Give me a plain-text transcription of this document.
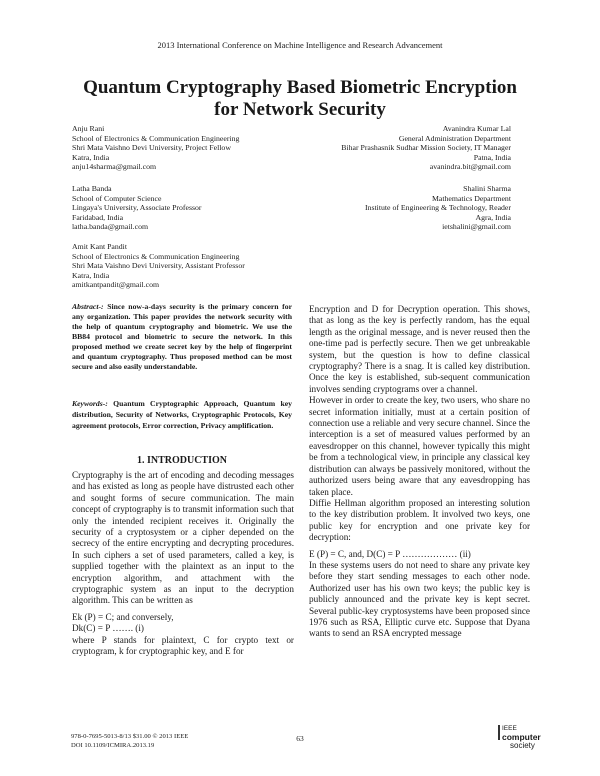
2013 International Conference on Machine Intelligence and Research Advancement
Quantum Cryptography Based Biometric Encryption
for Network Security
Anju Rani
School of Electronics & Communication Engineering
Shri Mata Vaishno Devi University, Project Fellow
Katra, India
anju14sharma@gmail.com
Latha Banda
School of Computer Science
Lingaya's University, Associate Professor
Faridabad, India
latha.banda@gmail.com
Amit Kant Pandit
School of Electronics & Communication Engineering
Shri Mata Vaishno Devi University, Assistant Professor
Katra, India
amitkantpandit@gmail.com
Avanindra Kumar Lal
General Administration Department
Bihar Prashasnik Sudhar Mission Society, IT Manager
Patna, India
avanindra.bit@gmail.com
Shalini Sharma
Mathematics Department
Institute of Engineering & Technology, Reader
Agra, India
ietshalini@gmail.com
Abstract-: Since now-a-days security is the primary concern for any organization. This paper provides the network security with the help of quantum cryptography and biometric. We use the BB84 protocol and biometric to secure the network. In this proposed method we create secret key by the help of fingerprint and quantum cryptography. Thus proposed method can be most secure and also easily understandable.
Keywords-: Quantum Cryptographic Approach, Quantum key distribution, Security of Networks, Cryptographic Protocols, Key agreement protocols, Error correction, Privacy amplification.
1. INTRODUCTION

Cryptography is the art of encoding and decoding messages and has existed as long as people have distrusted each other and sought forms of secure communication. The main concept of cryptography is to transmit information such that only the intended recipient receives it. Originally the security of a cryptosystem or a cipher depended on the secrecy of the entire encrypting and decrypting procedures. In such ciphers a set of used parameters, called a key, is supplied together with the plaintext as an input to the encryption algorithm, and attachment with the cryptographic system as an input to the decryption algorithm. This can be written as

Ek (P) = C; and conversely,

Dk(C) = P ……. (i)

where P stands for plaintext, C for crypto text or cryptogram, k for cryptographic key, and E for

Encryption and D for Decryption operation. This shows, that as long as the key is perfectly random, has the equal length as the original message, and is never reused then the one-time pad is perfectly secure. Then we get unbreakable system, but the question is how to define classical cryptography? There is a snag. It is called key distribution. Once the key is established, sub-sequent communication involves sending cryptograms over a channel.

However in order to create the key, two users, who share no secret information initially, must at a certain position of connection use a reliable and very secure channel. Since the interception is a set of measured values performed by an eavesdropper on this channel, however typically this might be from a technological view, in principle any classical key distribution can always be passively monitored, without the authorized users being aware that any eavesdropping has taken place.

Diffie Hellman algorithm proposed an interesting solution to the key distribution problem. It involved two keys, one public key for encryption and one private key for decryption:

E (P) = C, and, D(C) = P ……………… (ii)

In these systems users do not need to share any private key before they start sending messages to each other node. Authorized user has his own two keys; the public key is publicly announced and the private key is kept secret. Several public-key cryptosystems have been proposed since 1976 such as RSA, Elliptic curve etc. Suppose that Dyana wants to send an RSA encrypted message

978-0-7695-5013-8/13 $31.00 © 2013 IEEE
DOI 10.1109/ICMIRA.2013.19
63
IEEE
computer
society
